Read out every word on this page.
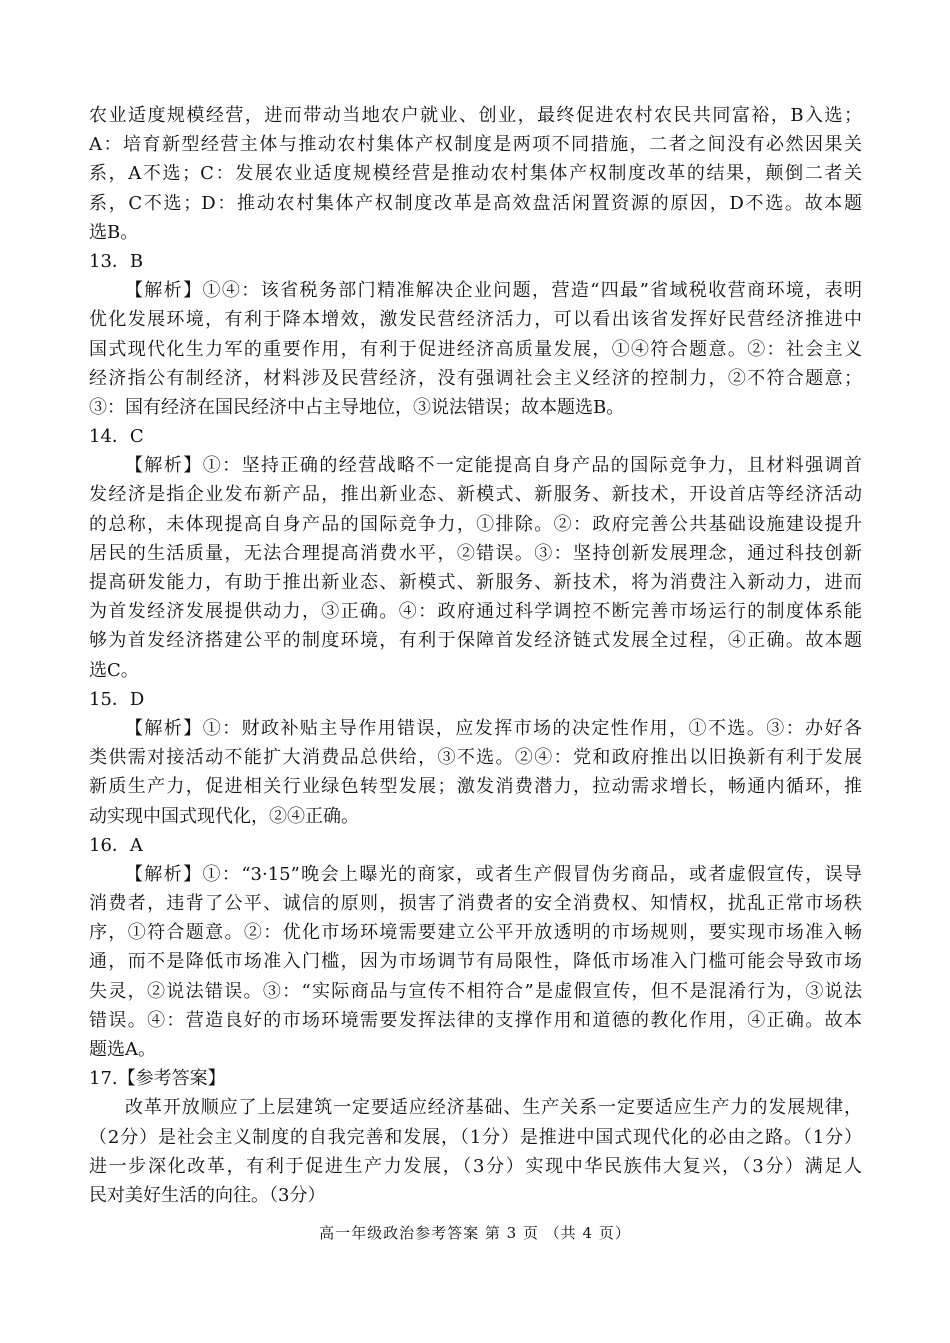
农业适度规模经营，进而带动当地农户就业、创业，最终促进农村农民共同富裕，B入选；
A：培育新型经营主体与推动农村集体产权制度是两项不同措施，二者之间没有必然因果关
系，A不选；C：发展农业适度规模经营是推动农村集体产权制度改革的结果，颠倒二者关
系，C不选；D：推动农村集体产权制度改革是高效盘活闲置资源的原因，D不选。故本题
选B。
13．B
【解析】①④：该省税务部门精准解决企业问题，营造“四最”省域税收营商环境，表明
优化发展环境，有利于降本增效，激发民营经济活力，可以看出该省发挥好民营经济推进中
国式现代化生力军的重要作用，有利于促进经济高质量发展，①④符合题意。②：社会主义
经济指公有制经济，材料涉及民营经济，没有强调社会主义经济的控制力，②不符合题意；
③：国有经济在国民经济中占主导地位，③说法错误；故本题选B。
14．C
【解析】①：坚持正确的经营战略不一定能提高自身产品的国际竞争力，且材料强调首
发经济是指企业发布新产品，推出新业态、新模式、新服务、新技术，开设首店等经济活动
的总称，未体现提高自身产品的国际竞争力，①排除。②：政府完善公共基础设施建设提升
居民的生活质量，无法合理提高消费水平，②错误。③：坚持创新发展理念，通过科技创新
提高研发能力，有助于推出新业态、新模式、新服务、新技术，将为消费注入新动力，进而
为首发经济发展提供动力，③正确。④：政府通过科学调控不断完善市场运行的制度体系能
够为首发经济搭建公平的制度环境，有利于保障首发经济链式发展全过程，④正确。故本题
选C。
15．D
【解析】①：财政补贴主导作用错误，应发挥市场的决定性作用，①不选。③：办好各
类供需对接活动不能扩大消费品总供给，③不选。②④：党和政府推出以旧换新有利于发展
新质生产力，促进相关行业绿色转型发展；激发消费潜力，拉动需求增长，畅通内循环，推
动实现中国式现代化，②④正确。
16．A
【解析】①：“3·15”晚会上曝光的商家，或者生产假冒伪劣商品，或者虚假宣传，误导
消费者，违背了公平、诚信的原则，损害了消费者的安全消费权、知情权，扰乱正常市场秩
序，①符合题意。②：优化市场环境需要建立公平开放透明的市场规则，要实现市场准入畅
通，而不是降低市场准入门槛，因为市场调节有局限性，降低市场准入门槛可能会导致市场
失灵，②说法错误。③：“实际商品与宣传不相符合”是虚假宣传，但不是混淆行为，③说法
错误。④：营造良好的市场环境需要发挥法律的支撑作用和道德的教化作用，④正确。故本
题选A。
17.【参考答案】
改革开放顺应了上层建筑一定要适应经济基础、生产关系一定要适应生产力的发展规律，
（2分）是社会主义制度的自我完善和发展，（1分）是推进中国式现代化的必由之路。（1分）
进一步深化改革，有利于促进生产力发展，（3分）实现中华民族伟大复兴，（3分）满足人
民对美好生活的向往。（3分）
高一年级政治参考答案 第 3 页 （共 4 页）
